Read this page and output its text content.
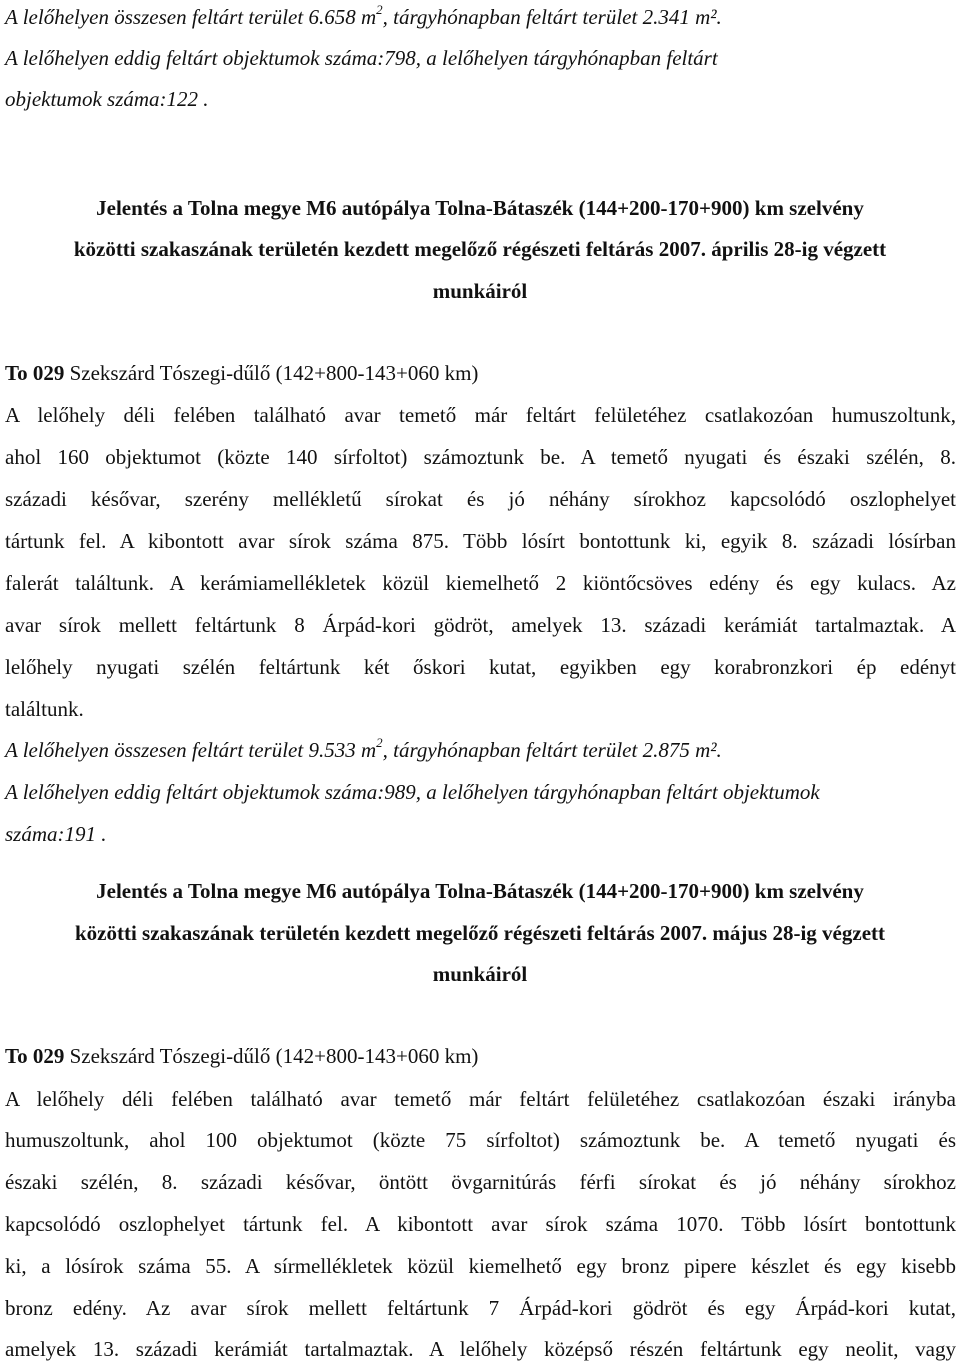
A lelőhelyen összesen feltárt terület 6.658 $m^2$, tárgyhónapban feltárt terület 2.341 m².
A lelőhelyen eddig feltárt objektumok száma:798, a lelőhelyen tárgyhónapban feltárt
objektumok száma:122 .
Jelentés a Tolna megye M6 autópálya Tolna-Bátaszék (144+200-170+900) km szelvény
közötti szakaszának területén kezdett megelőző régészeti feltárás 2007. április 28-ig végzett
munkáiról
To 029 Szekszárd Tószegi-dűlő (142+800-143+060 km)
A lelőhely déli felében található avar temető már feltárt felületéhez csatlakozóan humuszoltunk,
ahol 160 objektumot (közte 140 sírfoltot) számoztunk be. A temető nyugati és északi szélén, 8.
századi késővar, szerény mellékletű sírokat és jó néhány sírokhoz kapcsolódó oszlophelyet
tártunk fel. A kibontott avar sírok száma 875. Több lósírt bontottunk ki, egyik 8. századi lósírban
falerát találtunk. A kerámiamellékletek közül kiemelhető 2 kiöntőcsöves edény és egy kulacs. Az
avar sírok mellett feltártunk 8 Árpád-kori gödröt, amelyek 13. századi kerámiát tartalmaztak. A
lelőhely nyugati szélén feltártunk két őskori kutat, egyikben egy korabronzkori ép edényt
találtunk.
A lelőhelyen összesen feltárt terület 9.533 $m^2$, tárgyhónapban feltárt terület 2.875 m².
A lelőhelyen eddig feltárt objektumok száma:989, a lelőhelyen tárgyhónapban feltárt objektumok
száma:191 .
Jelentés a Tolna megye M6 autópálya Tolna-Bátaszék (144+200-170+900) km szelvény
közötti szakaszának területén kezdett megelőző régészeti feltárás 2007. május 28-ig végzett
munkáiról
To 029 Szekszárd Tószegi-dűlő (142+800-143+060 km)
A lelőhely déli felében található avar temető már feltárt felületéhez csatlakozóan északi irányba
humuszoltunk, ahol 100 objektumot (közte 75 sírfoltot) számoztunk be. A temető nyugati és
északi szélén, 8. századi késővar, öntött övgarnitúrás férfi sírokat és jó néhány sírokhoz
kapcsolódó oszlophelyet tártunk fel. A kibontott avar sírok száma 1070. Több lósírt bontottunk
ki, a lósírok száma 55. A sírmellékletek közül kiemelhető egy bronz pipere készlet és egy kisebb
bronz edény. Az avar sírok mellett feltártunk 7 Árpád-kori gödröt és egy Árpád-kori kutat,
amelyek 13. századi kerámiát tartalmaztak. A lelőhely középső részén feltártunk egy neolit, vagy
